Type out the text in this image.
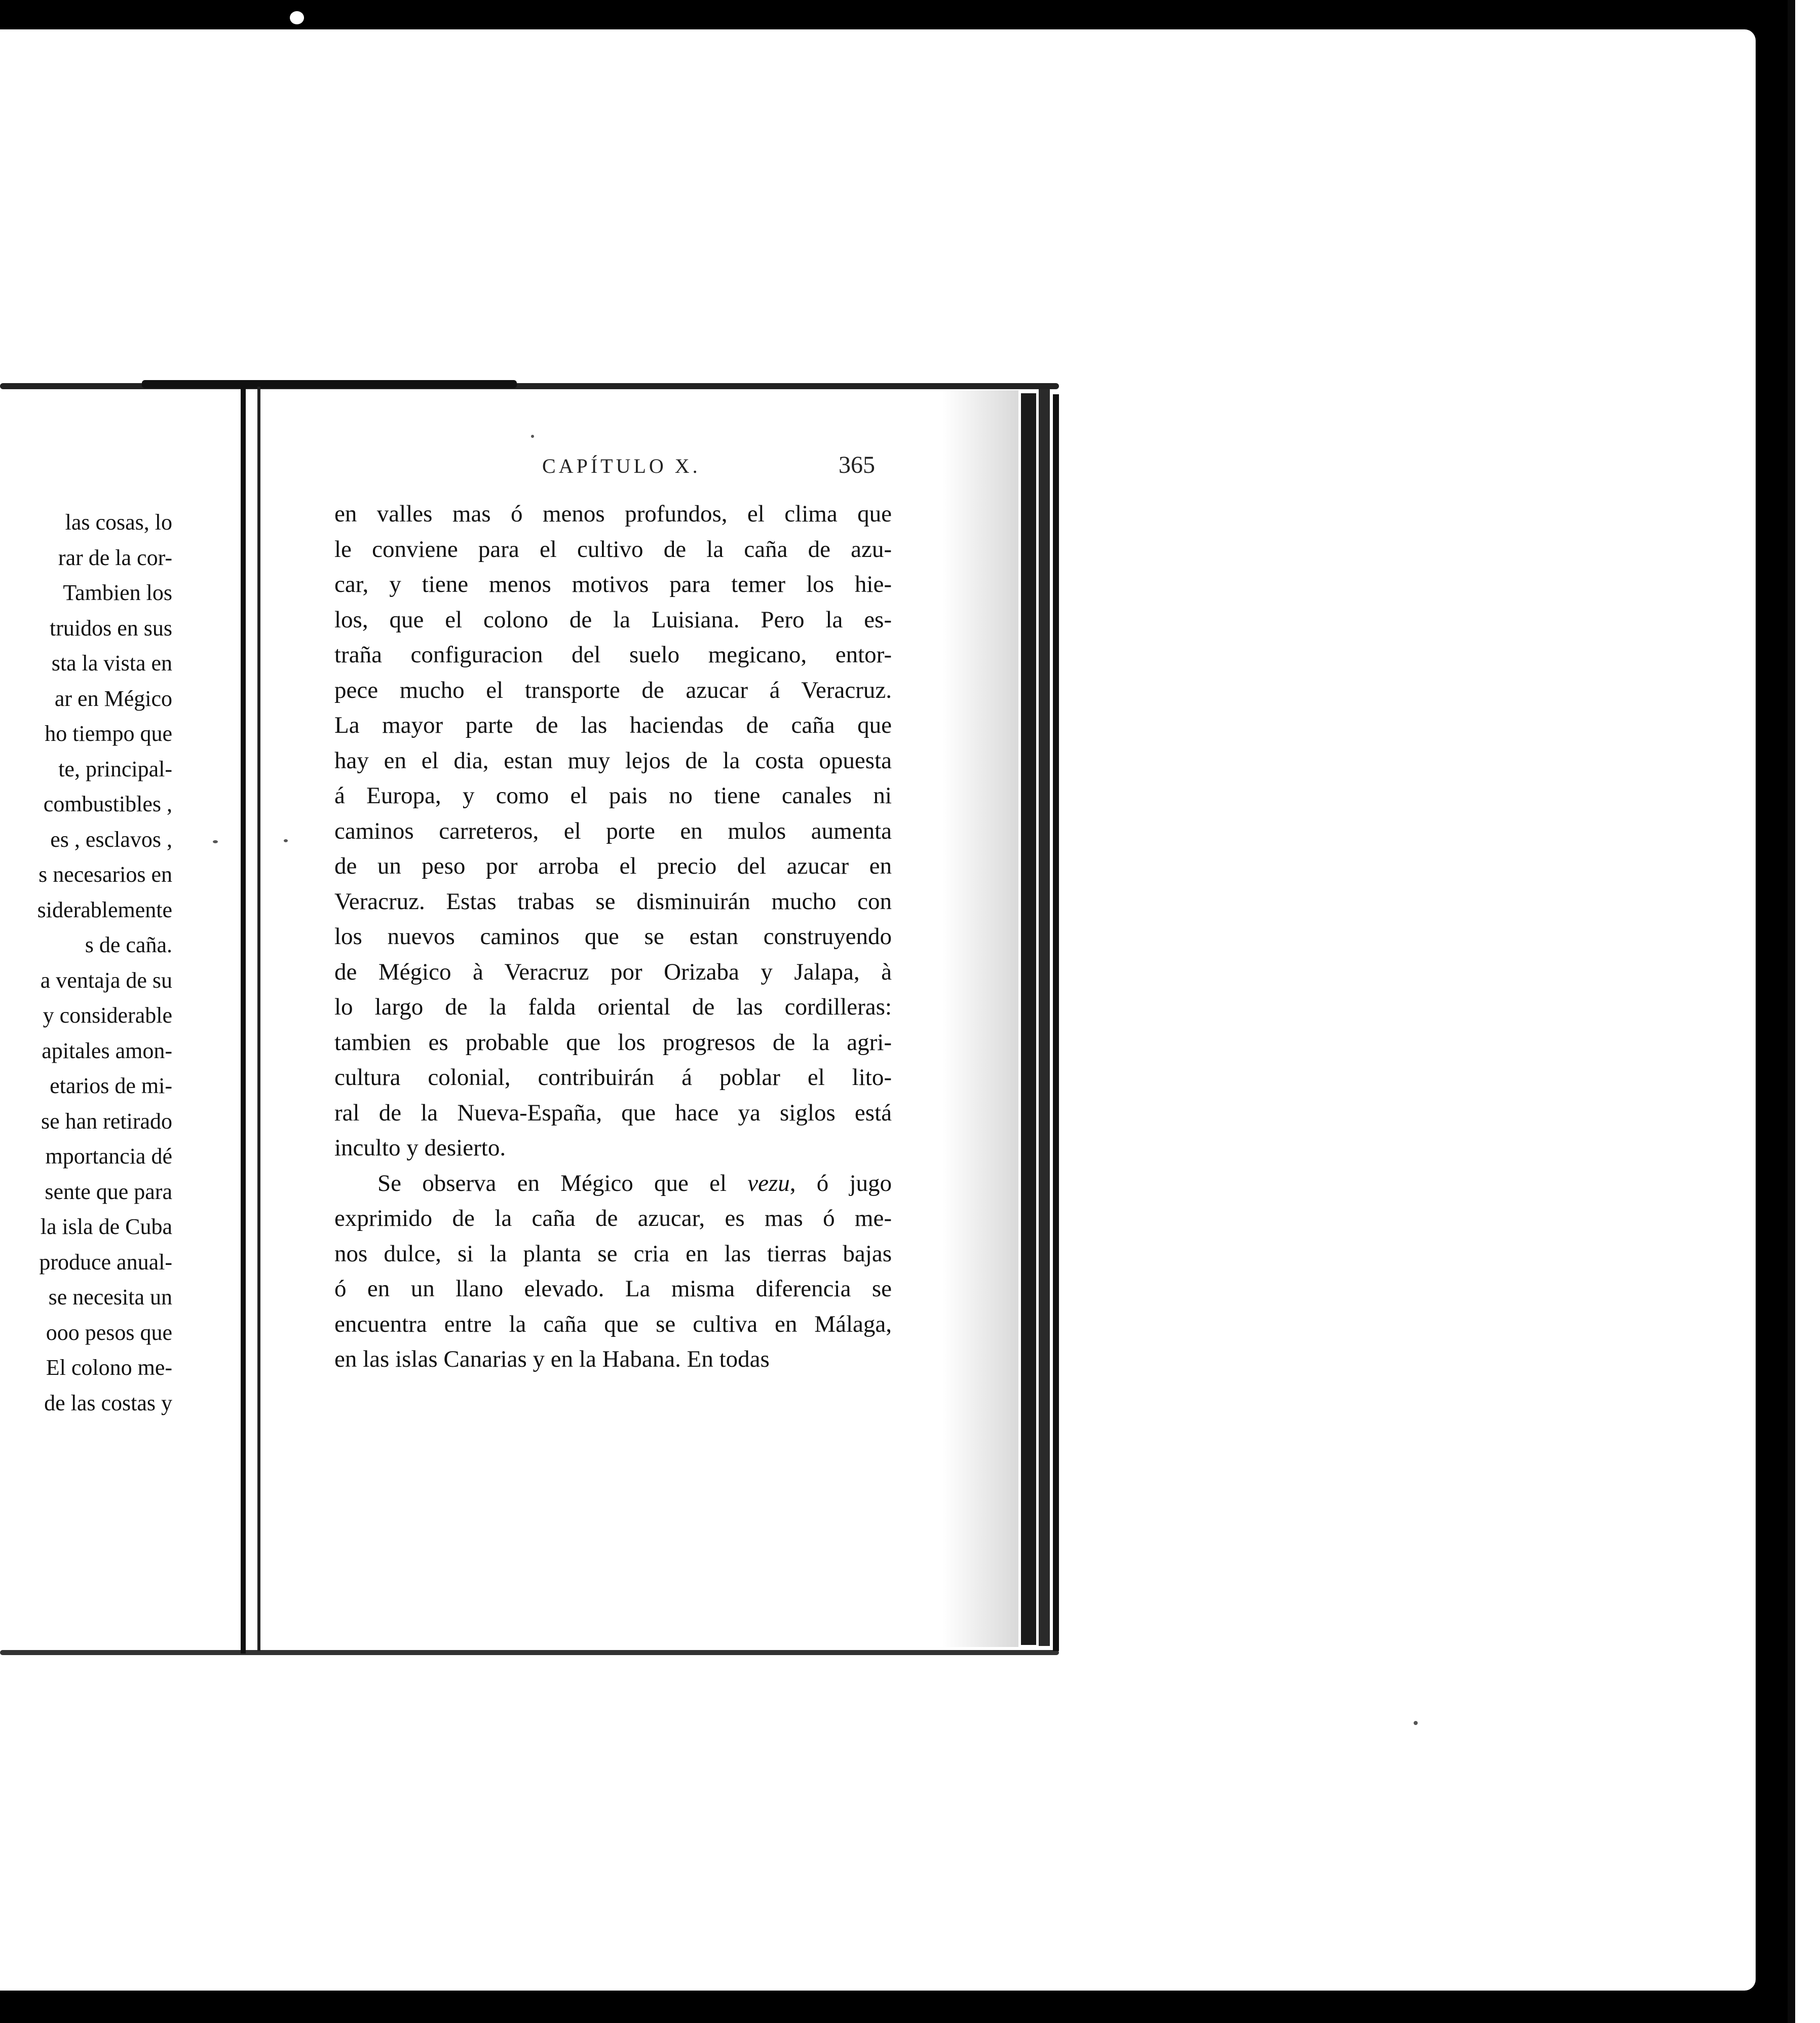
las cosas, lo
rar de la cor-
Tambien los
truidos en sus
sta la vista en
ar en Mégico
ho tiempo que
te, principal-
combustibles ,
es , esclavos ,
s necesarios en
siderablemente
s de caña.
a ventaja de su
y considerable
apitales amon-
etarios de mi-
se han retirado
mportancia dé
sente que para
la isla de Cuba
produce anual-
se necesita un
ooo pesos que
El colono me-
de las costas y
CAPÍTULO X.	365
en valles mas ó menos profundos, el clima que
le conviene para el cultivo de la caña de azu-
car, y tiene menos motivos para temer los hie-
los, que el colono de la Luisiana. Pero la es-
traña configuracion del suelo megicano, entor-
pece mucho el transporte de azucar á Veracruz.
La mayor parte de las haciendas de caña que
hay en el dia, estan muy lejos de la costa opuesta
á Europa, y como el pais no tiene canales ni
caminos carreteros, el porte en mulos aumenta
de un peso por arroba el precio del azucar en
Veracruz. Estas trabas se disminuirán mucho con
los nuevos caminos que se estan construyendo
de Mégico à Veracruz por Orizaba y Jalapa, à
lo largo de la falda oriental de las cordilleras:
tambien es probable que los progresos de la agri-
cultura colonial, contribuirán á poblar el lito-
ral de la Nueva-España, que hace ya siglos está
inculto y desierto.
Se observa en Mégico que el vezu, ó jugo
exprimido de la caña de azucar, es mas ó me-
nos dulce, si la planta se cria en las tierras bajas
ó en un llano elevado. La misma diferencia se
encuentra entre la caña que se cultiva en Málaga,
en las islas Canarias y en la Habana. En todas
